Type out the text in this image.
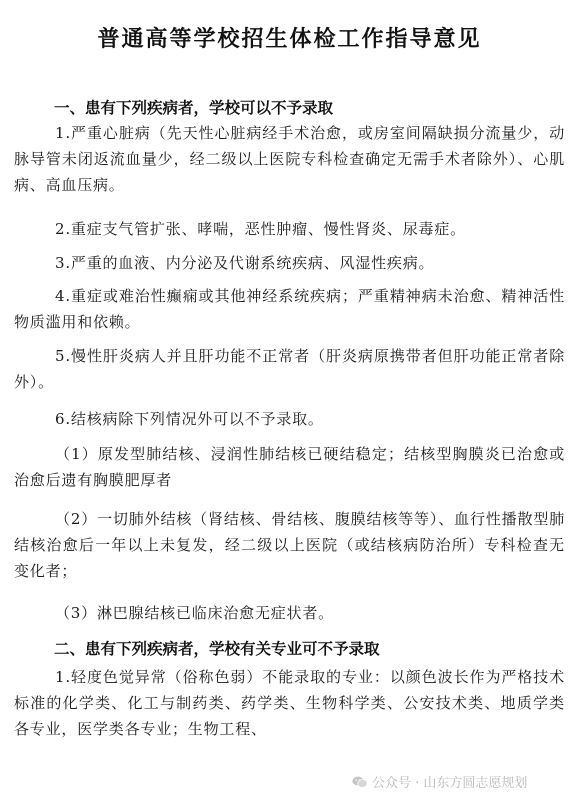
普通高等学校招生体检工作指导意见
一、患有下列疾病者，学校可以不予录取
1.严重心脏病（先天性心脏病经手术治愈，或房室间隔缺损分流量少，动脉导管未闭返流血量少，经二级以上医院专科检查确定无需手术者除外）、心肌病、高血压病。
2.重症支气管扩张、哮喘，恶性肿瘤、慢性肾炎、尿毒症。
3.严重的血液、内分泌及代谢系统疾病、风湿性疾病。
4.重症或难治性癫痫或其他神经系统疾病；严重精神病未治愈、精神活性物质滥用和依赖。
5.慢性肝炎病人并且肝功能不正常者（肝炎病原携带者但肝功能正常者除外）。
6.结核病除下列情况外可以不予录取。
（1）原发型肺结核、浸润性肺结核已硬结稳定；结核型胸膜炎已治愈或治愈后遗有胸膜肥厚者
（2）一切肺外结核（肾结核、骨结核、腹膜结核等等）、血行性播散型肺结核治愈后一年以上未复发，经二级以上医院（或结核病防治所）专科检查无变化者；
（3）淋巴腺结核已临床治愈无症状者。
二、患有下列疾病者，学校有关专业可不予录取
1.轻度色觉异常（俗称色弱）不能录取的专业：以颜色波长作为严格技术标准的化学类、化工与制药类、药学类、生物科学类、公安技术类、地质学类各专业，医学类各专业；生物工程、
公众号 · 山东方圆志愿规划
